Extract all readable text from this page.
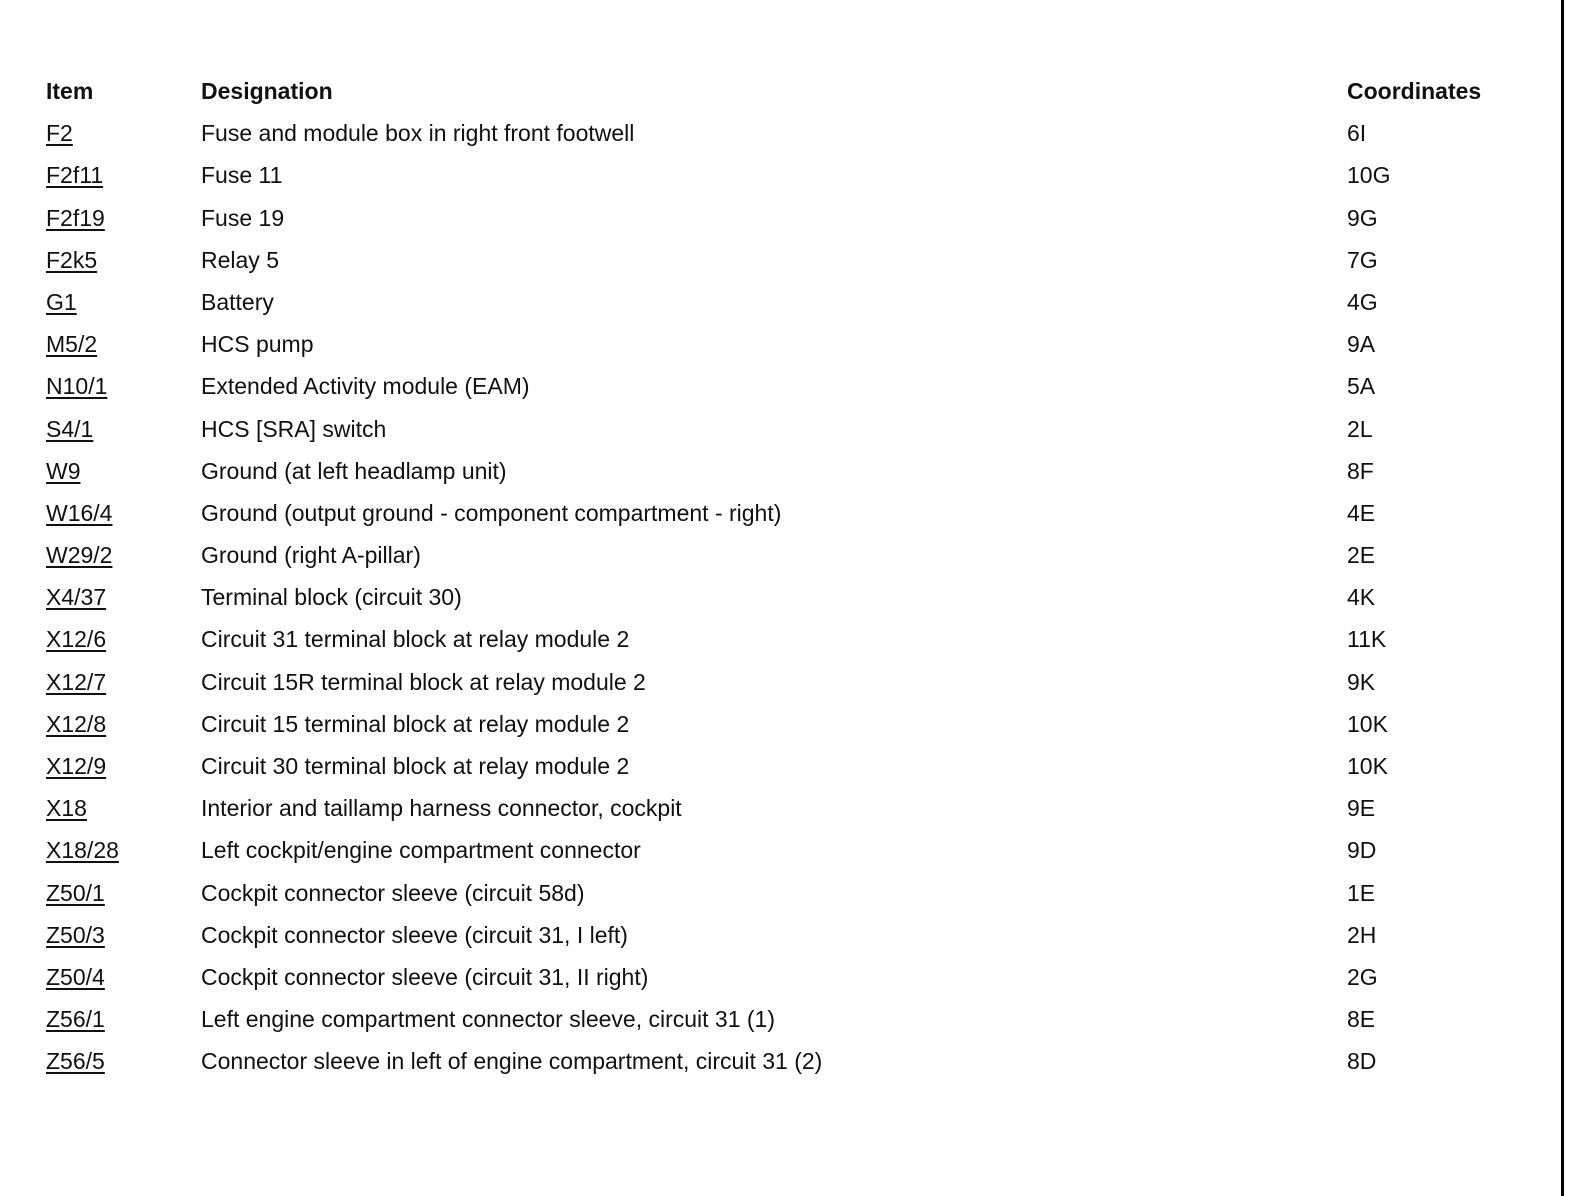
Item	Designation	Coordinates
F2	Fuse and module box in right front footwell	6I
F2f11	Fuse 11	10G
F2f19	Fuse 19	9G
F2k5	Relay 5	7G
G1	Battery	4G
M5/2	HCS pump	9A
N10/1	Extended Activity module (EAM)	5A
S4/1	HCS [SRA] switch	2L
W9	Ground (at left headlamp unit)	8F
W16/4	Ground (output ground - component compartment - right)	4E
W29/2	Ground (right A-pillar)	2E
X4/37	Terminal block (circuit 30)	4K
X12/6	Circuit 31 terminal block at relay module 2	11K
X12/7	Circuit 15R terminal block at relay module 2	9K
X12/8	Circuit 15 terminal block at relay module 2	10K
X12/9	Circuit 30 terminal block at relay module 2	10K
X18	Interior and taillamp harness connector, cockpit	9E
X18/28	Left cockpit/engine compartment connector	9D
Z50/1	Cockpit connector sleeve (circuit 58d)	1E
Z50/3	Cockpit connector sleeve (circuit 31, I left)	2H
Z50/4	Cockpit connector sleeve (circuit 31, II right)	2G
Z56/1	Left engine compartment connector sleeve, circuit 31 (1)	8E
Z56/5	Connector sleeve in left of engine compartment, circuit 31 (2)	8D
